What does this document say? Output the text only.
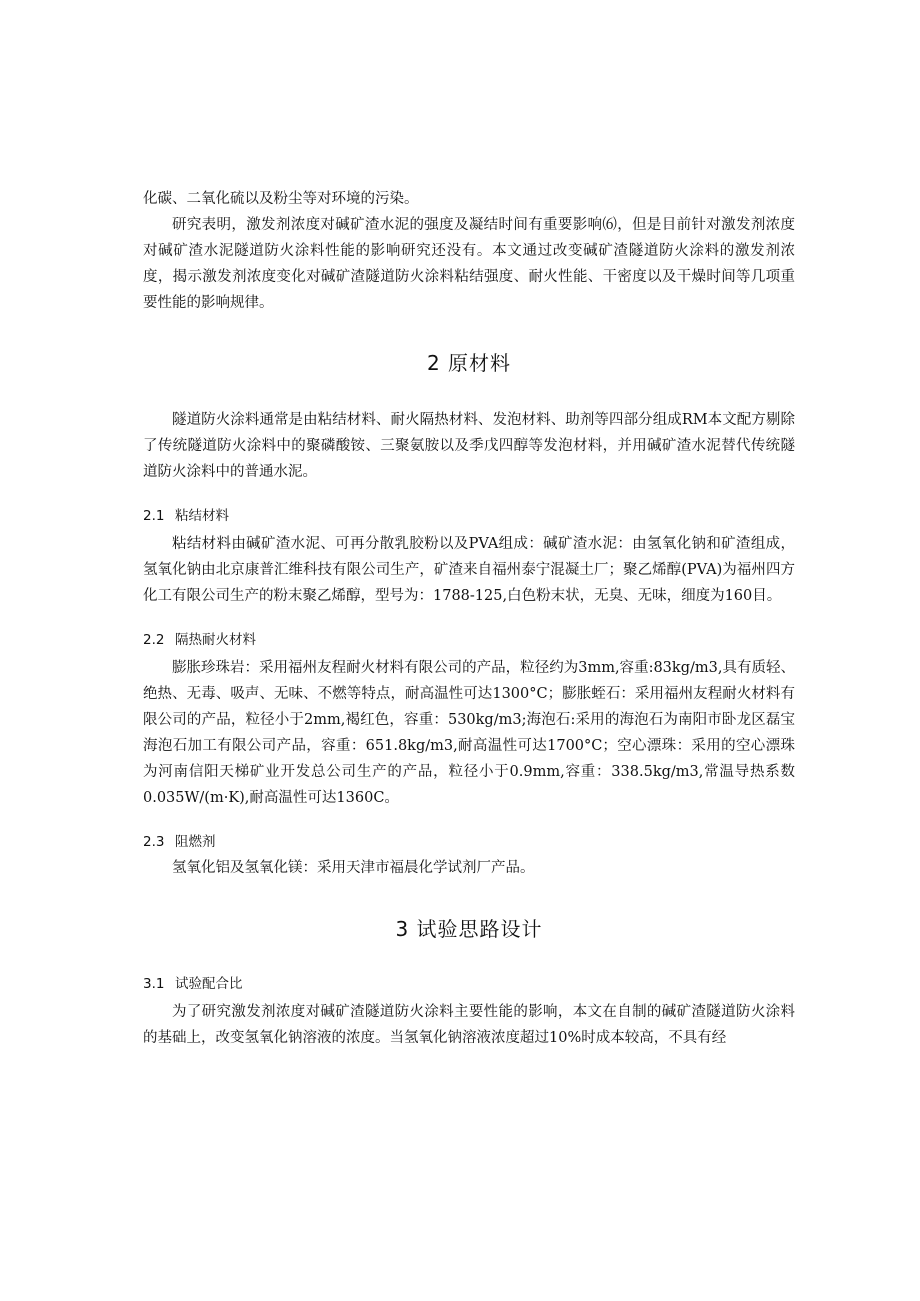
化碳、二氧化硫以及粉尘等对环境的污染。

研究表明，激发剂浓度对碱矿渣水泥的强度及凝结时间有重要影响⑹，但是目前针对激发剂浓度对碱矿渣水泥隧道防火涂料性能的影响研究还没有。本文通过改变碱矿渣隧道防火涂料的激发剂浓度，揭示激发剂浓度变化对碱矿渣隧道防火涂料粘结强度、耐火性能、干密度以及干燥时间等几项重要性能的影响规律。

2 原材料

隧道防火涂料通常是由粘结材料、耐火隔热材料、发泡材料、助剂等四部分组成RM本文配方剔除了传统隧道防火涂料中的聚磷酸铵、三聚氨胺以及季戊四醇等发泡材料，并用碱矿渣水泥替代传统隧道防火涂料中的普通水泥。

2.1 粘结材料

粘结材料由碱矿渣水泥、可再分散乳胶粉以及PVA组成：碱矿渣水泥：由氢氧化钠和矿渣组成，氢氧化钠由北京康普汇维科技有限公司生产，矿渣来自福州泰宁混凝土厂；聚乙烯醇(PVA)为福州四方化工有限公司生产的粉末聚乙烯醇，型号为：1788-125,白色粉末状，无臭、无味，细度为160目。

2.2 隔热耐火材料

膨胀珍珠岩：采用福州友程耐火材料有限公司的产品，粒径约为3mm,容重:83kg∕m3,具有质轻、绝热、无毒、吸声、无味、不燃等特点，耐高温性可达1300°C；膨胀蛭石：采用福州友程耐火材料有限公司的产品，粒径小于2mm,褐红色，容重：530kg∕m3;海泡石:采用的海泡石为南阳市卧龙区磊宝海泡石加工有限公司产品，容重：651.8kg∕m3,耐高温性可达1700°C；空心漂珠：采用的空心漂珠为河南信阳天梯矿业开发总公司生产的产品，粒径小于0.9mm,容重：338.5kg∕m3,常温导热系数0.035W/(m·K),耐高温性可达1360C。

2.3 阻燃剂

氢氧化铝及氢氧化镁：采用天津市福晨化学试剂厂产品。

3 试验思路设计
3.1 试验配合比

为了研究激发剂浓度对碱矿渣隧道防火涂料主要性能的影响，本文在自制的碱矿渣隧道防火涂料的基础上，改变氢氧化钠溶液的浓度。当氢氧化钠溶液浓度超过10%时成本较高，不具有经
